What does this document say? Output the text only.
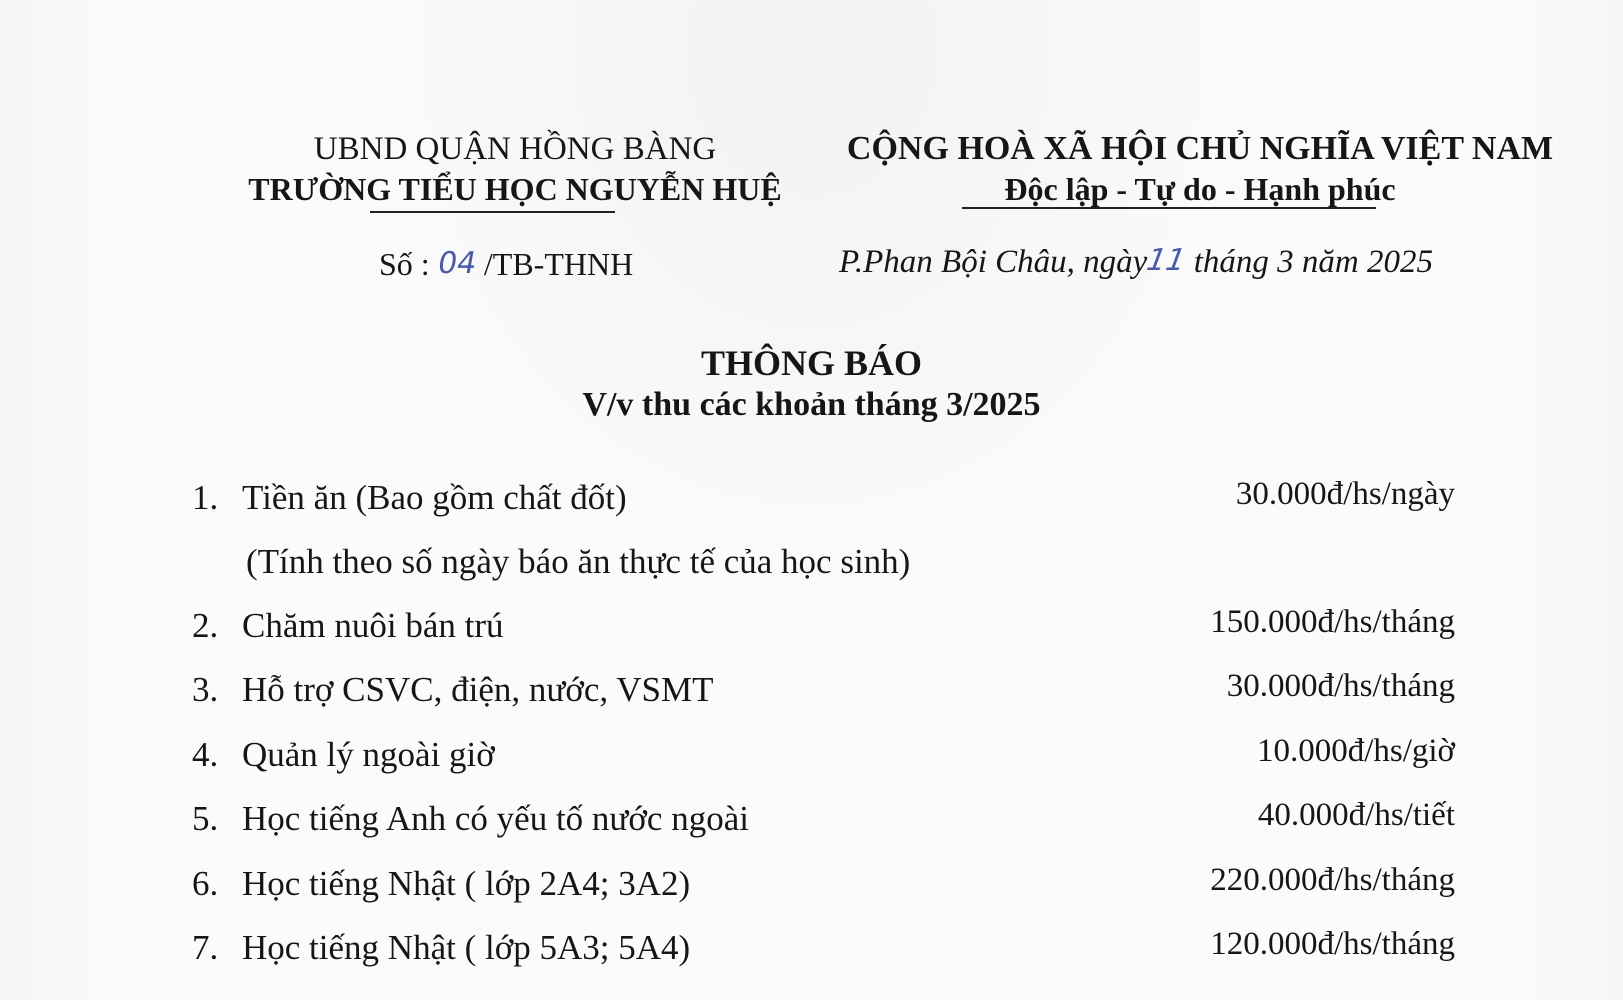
UBND QUẬN HỒNG BÀNG
TRƯỜNG TIỂU HỌC NGUYỄN HUỆ
CỘNG HOÀ XÃ HỘI CHỦ NGHĨA VIỆT NAM
Độc lập - Tự do - Hạnh phúc
Số : 04 /TB-THNH	P.Phan Bội Châu, ngày11 tháng 3 năm 2025
THÔNG BÁO
V/v thu các khoản tháng 3/2025
1. Tiền ăn (Bao gồm chất đốt)	30.000đ/hs/ngày
(Tính theo số ngày báo ăn thực tế của học sinh)
2. Chăm nuôi bán trú	150.000đ/hs/tháng
3. Hỗ trợ CSVC, điện, nước, VSMT	30.000đ/hs/tháng
4. Quản lý ngoài giờ	10.000đ/hs/giờ
5. Học tiếng Anh có yếu tố nước ngoài	40.000đ/hs/tiết
6. Học tiếng Nhật ( lớp 2A4; 3A2)	220.000đ/hs/tháng
7. Học tiếng Nhật ( lớp 5A3; 5A4)	120.000đ/hs/tháng
